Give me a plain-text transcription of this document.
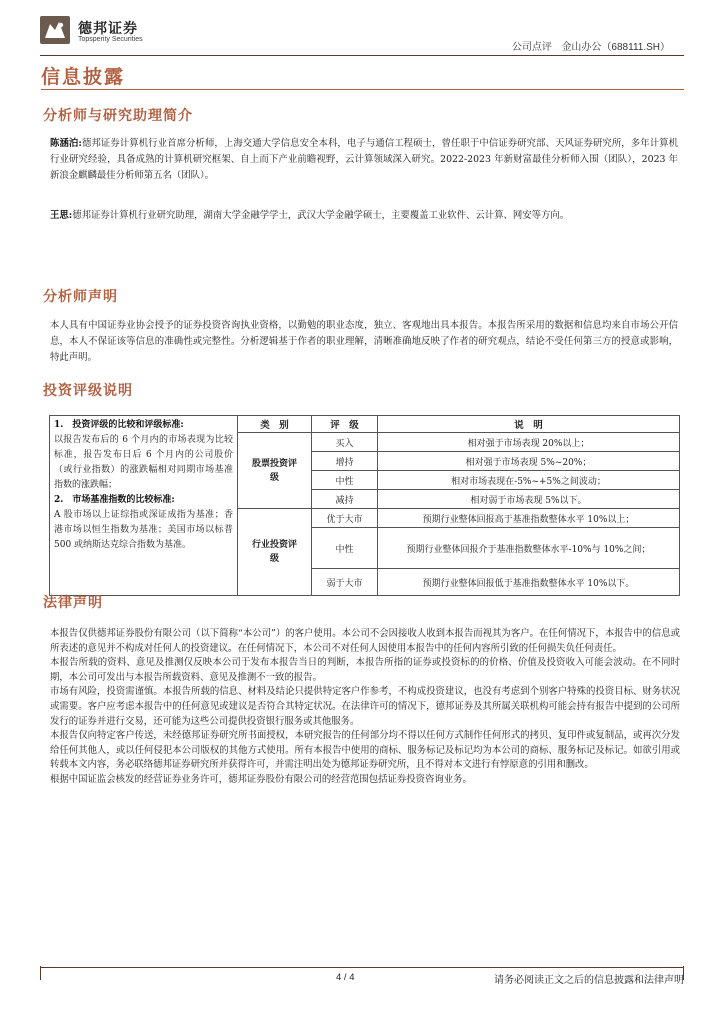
德邦证券
Topsperity Securities
公司点评 金山办公（688111.SH）
信息披露
分析师与研究助理简介
陈涵泊:德邦证券计算机行业首席分析师，上海交通大学信息安全本科，电子与通信工程硕士，曾任职于中信证券研究部、天风证券研究所，多年计算机行业研究经验，具备成熟的计算机研究框架、自上而下产业前瞻视野，云计算领域深入研究。2022-2023 年新财富最佳分析师入围（团队），2023 年新浪金麒麟最佳分析师第五名（团队）。
王思:德邦证券计算机行业研究助理，湖南大学金融学学士，武汉大学金融学硕士，主要覆盖工业软件、云计算、网安等方向。
分析师声明
本人具有中国证券业协会授予的证券投资咨询执业资格，以勤勉的职业态度，独立、客观地出具本报告。本报告所采用的数据和信息均来自市场公开信息，本人不保证该等信息的准确性或完整性。分析逻辑基于作者的职业理解，清晰准确地反映了作者的研究观点，结论不受任何第三方的授意或影响，特此声明。
投资评级说明
1.　投资评级的比较和评级标准:
以报告发布后的 6 个月内的市场表现为比较标准，报告发布日后 6 个月内的公司股价（或行业指数）的涨跌幅相对同期市场基准指数的涨跌幅；
2.　市场基准指数的比较标准:
A 股市场以上证综指或深证成指为基准；香港市场以恒生指数为基准；美国市场以标普 500 或纳斯达克综合指数为基准。	类　别	评　级	说　明
	股票投资评级	买入	相对强于市场表现 20%以上；
		增持	相对强于市场表现 5%~20%；
		中性	相对市场表现在-5%~+5%之间波动；
		减持	相对弱于市场表现 5%以下。
	行业投资评级	优于大市	预期行业整体回报高于基准指数整体水平 10%以上；
		中性	预期行业整体回报介于基准指数整体水平-10%与 10%之间；

		弱于大市	预期行业整体回报低于基准指数整体水平 10%以下。
法律声明

本报告仅供德邦证券股份有限公司（以下简称“本公司”）的客户使用。本公司不会因接收人收到本报告而视其为客户。在任何情况下，本报告中的信息或所表述的意见并不构成对任何人的投资建议。在任何情况下，本公司不对任何人因使用本报告中的任何内容所引致的任何损失负任何责任。

本报告所载的资料、意见及推测仅反映本公司于发布本报告当日的判断，本报告所指的证券或投资标的的价格、价值及投资收入可能会波动。在不同时期，本公司可发出与本报告所载资料、意见及推测不一致的报告。

市场有风险，投资需谨慎。本报告所载的信息、材料及结论只提供特定客户作参考，不构成投资建议，也没有考虑到个别客户特殊的投资目标、财务状况或需要。客户应考虑本报告中的任何意见或建议是否符合其特定状况。在法律许可的情况下，德邦证券及其所属关联机构可能会持有报告中提到的公司所发行的证券并进行交易，还可能为这些公司提供投资银行服务或其他服务。

本报告仅向特定客户传送，未经德邦证券研究所书面授权，本研究报告的任何部分均不得以任何方式制作任何形式的拷贝、复印件或复制品，或再次分发给任何其他人，或以任何侵犯本公司版权的其他方式使用。所有本报告中使用的商标、服务标记及标记均为本公司的商标、服务标记及标记。如欲引用或转载本文内容，务必联络德邦证券研究所并获得许可，并需注明出处为德邦证券研究所，且不得对本文进行有悖原意的引用和删改。

根据中国证监会核发的经营证券业务许可，德邦证券股份有限公司的经营范围包括证券投资咨询业务。

4 / 4	请务必阅读正文之后的信息披露和法律声明
